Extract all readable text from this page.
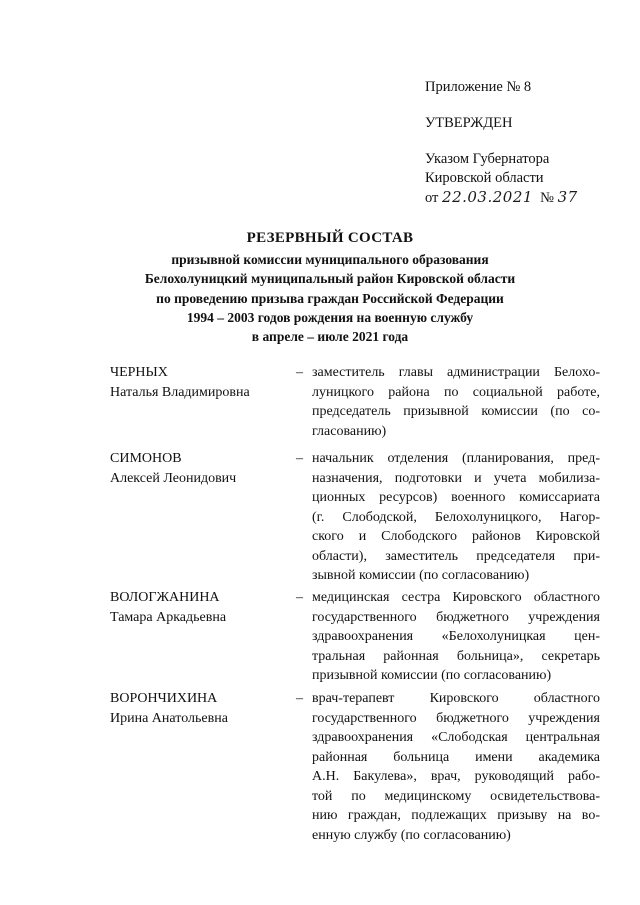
Приложение № 8
УТВЕРЖДЕН
Указом Губернатора
Кировской области
от 22.03.2021 № 37
РЕЗЕРВНЫЙ СОСТАВ
призывной комиссии муниципального образования
Белохолуницкий муниципальный район Кировской области
по проведению призыва граждан Российской Федерации
1994 – 2003 годов рождения на военную службу
в апреле – июле 2021 года
ЧЕРНЫХ
Наталья Владимировна
– заместитель главы администрации Белохо-
луницкого района по социальной работе,
председатель призывной комиссии (по со-
гласованию)
СИМОНОВ
Алексей Леонидович
– начальник отделения (планирования, пред-
назначения, подготовки и учета мобилиза-
ционных ресурсов) военного комиссариата
(г. Слободской, Белохолуницкого, Нагор-
ского и Слободского районов Кировской
области), заместитель председателя при-
зывной комиссии (по согласованию)
ВОЛОГЖАНИНА
Тамара Аркадьевна
– медицинская сестра Кировского областного
государственного бюджетного учреждения
здравоохранения «Белохолуницкая цен-
тральная районная больница», секретарь
призывной комиссии (по согласованию)
ВОРОНЧИХИНА
Ирина Анатольевна
– врач-терапевт Кировского областного
государственного бюджетного учреждения
здравоохранения «Слободская центральная
районная больница имени академика
А.Н. Бакулева», врач, руководящий рабо-
той по медицинскому освидетельствова-
нию граждан, подлежащих призыву на во-
енную службу (по согласованию)
